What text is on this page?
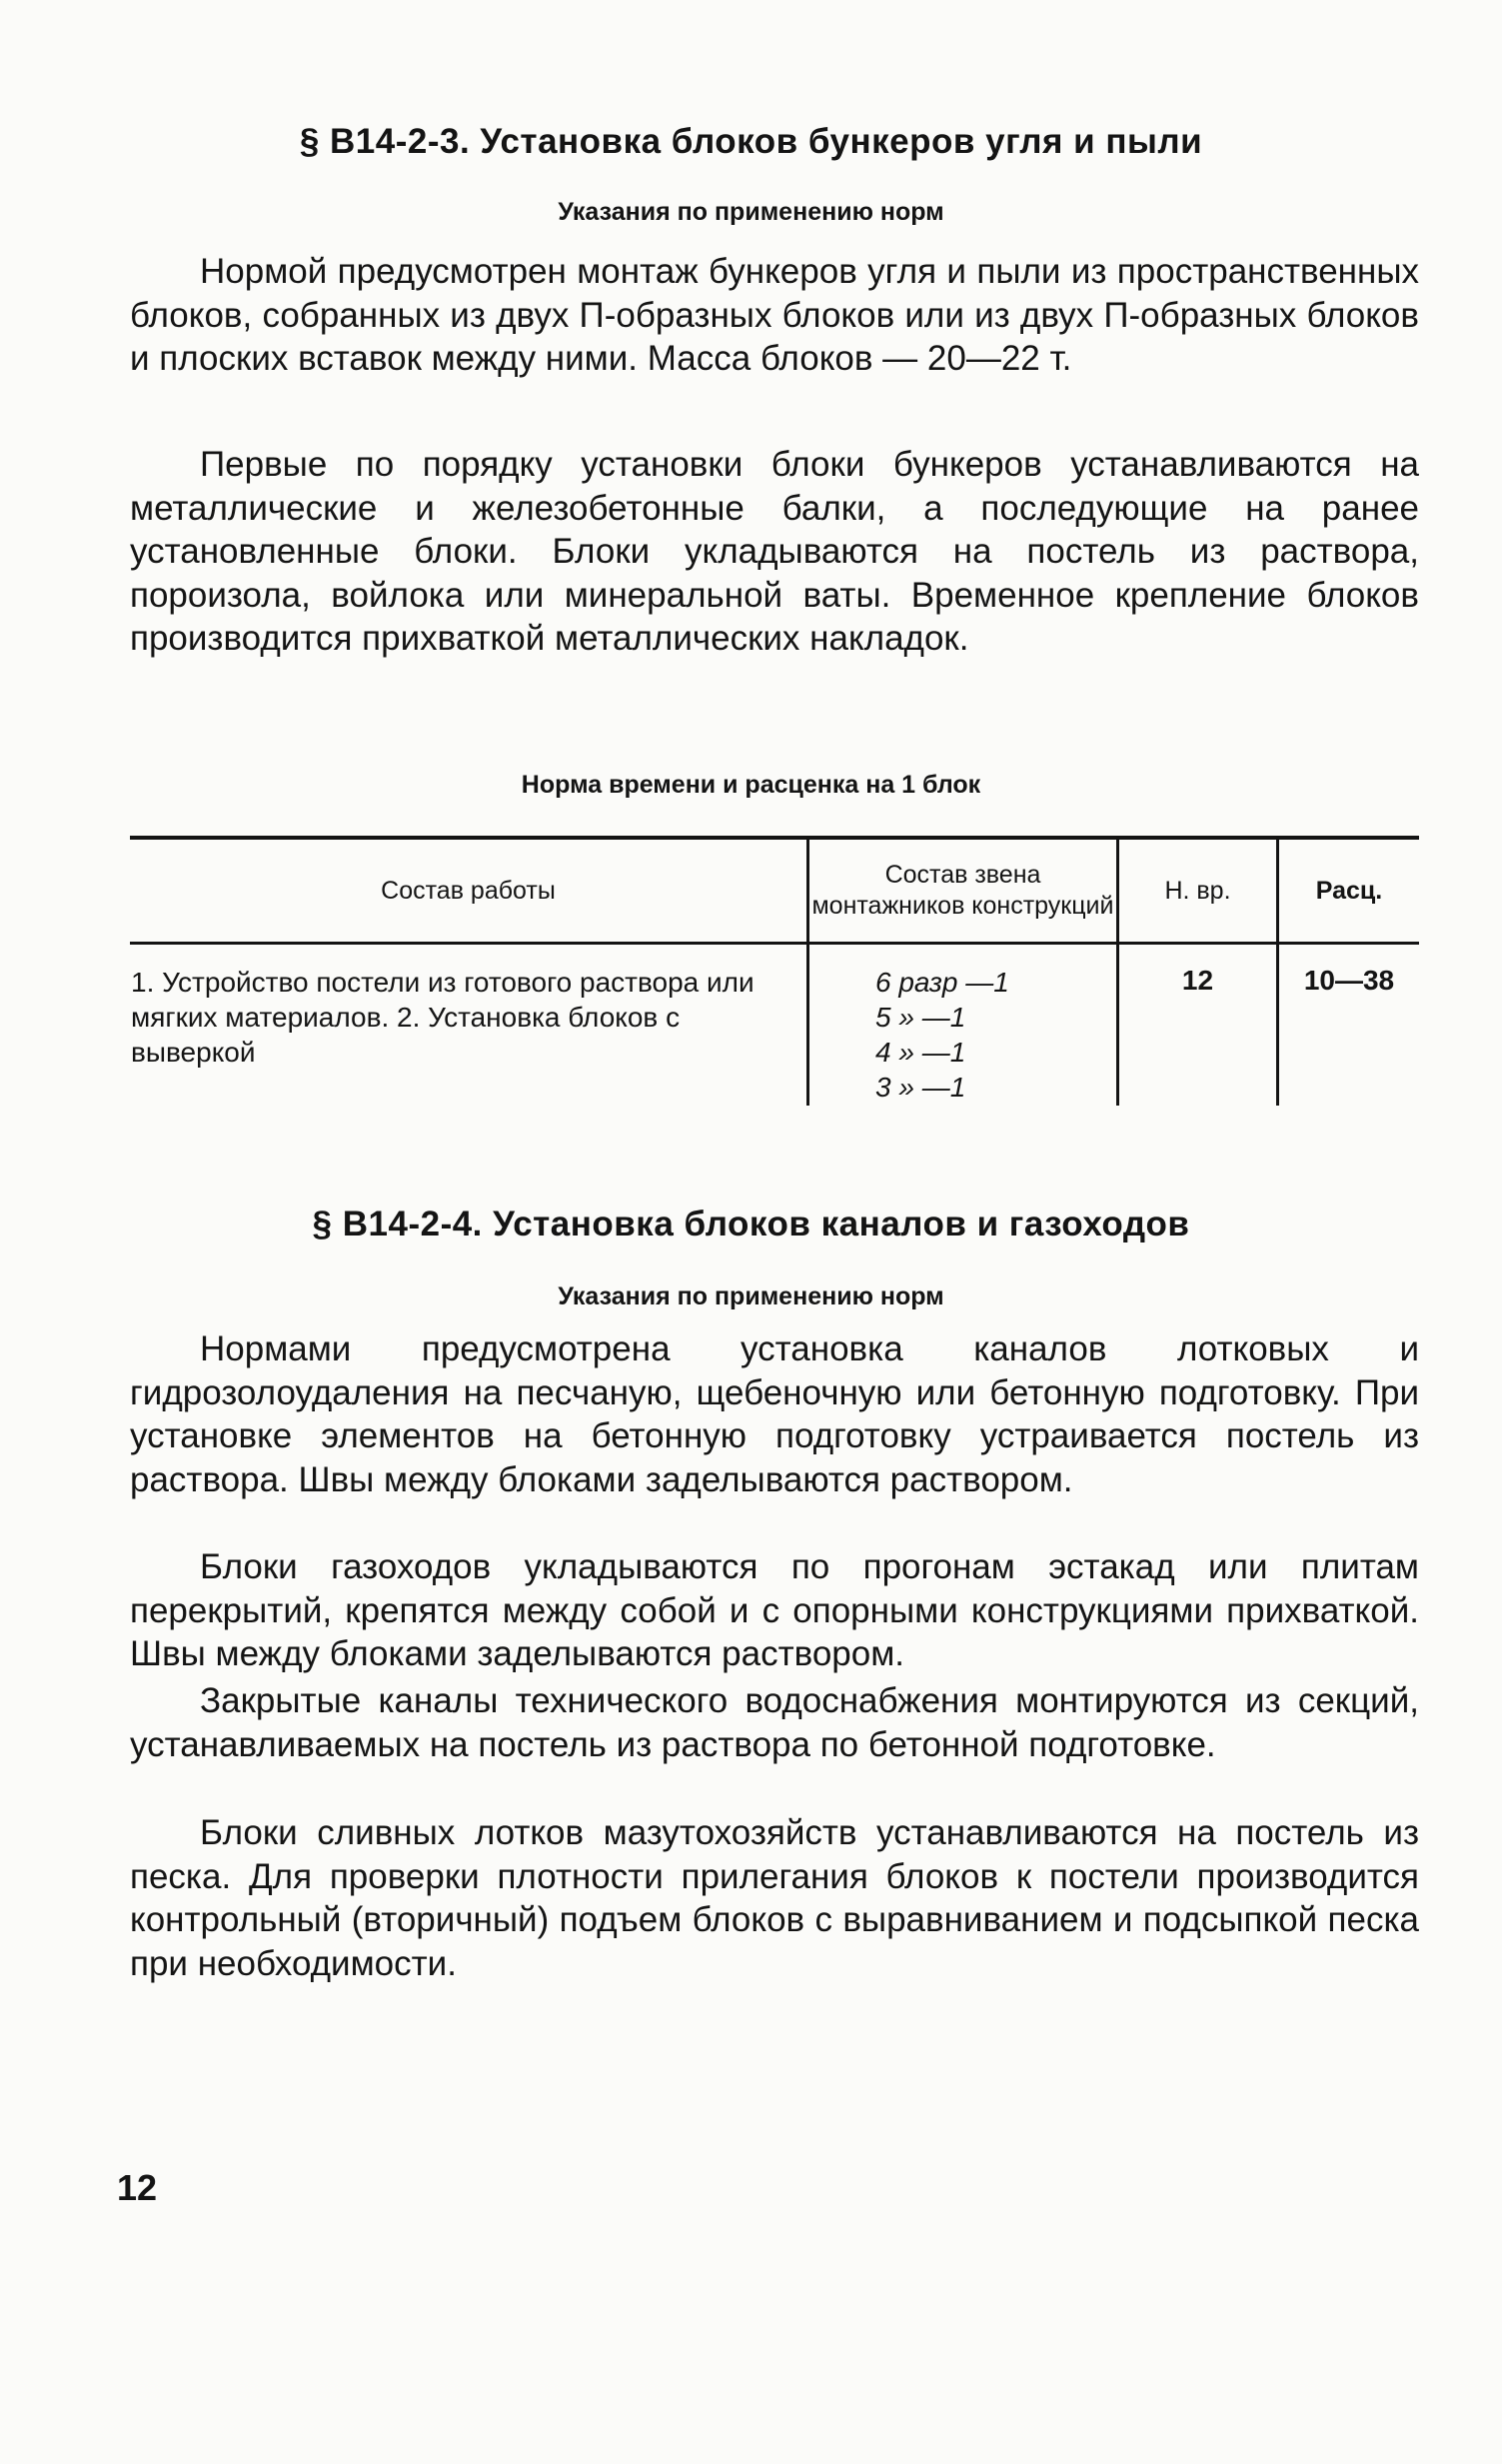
§ В14-2-3. Установка блоков бункеров угля и пыли
Указания по применению норм

Нормой предусмотрен монтаж бункеров угля и пыли из пространственных блоков, собранных из двух П-образных блоков или из двух П-образных блоков и плоских вставок между ними. Масса блоков — 20—22 т.

Первые по порядку установки блоки бункеров устанавливаются на металлические и железобетонные балки, а последующие на ранее установленные блоки. Блоки укладываются на постель из раствора, пороизола, войлока или минеральной ваты. Временное крепление блоков производится прихваткой металлических накладок.

Норма времени и расценка на 1 блок
Состав работы	Состав звена монтажников конструкций	Н. вр.	Расц.

1. Устройство постели из готового раствора или мягких материалов. 2. Установка блоков с выверкой	6 разр —1
5 » —1
4 » —1
3 » —1	12	10—38
§ В14-2-4. Установка блоков каналов и газоходов
Указания по применению норм

Нормами предусмотрена установка каналов лотковых и гидрозолоудаления на песчаную, щебеночную или бетонную подготовку. При установке элементов на бетонную подготовку устраивается постель из раствора. Швы между блоками заделываются раствором.

Блоки газоходов укладываются по прогонам эстакад или плитам перекрытий, крепятся между собой и с опорными конструкциями прихваткой. Швы между блоками заделываются раствором.

Закрытые каналы технического водоснабжения монтируются из секций, устанавливаемых на постель из раствора по бетонной подготовке.

Блоки сливных лотков мазутохозяйств устанавливаются на постель из песка. Для проверки плотности прилегания блоков к постели производится контрольный (вторичный) подъем блоков с выравниванием и подсыпкой песка при необходимости.

12
